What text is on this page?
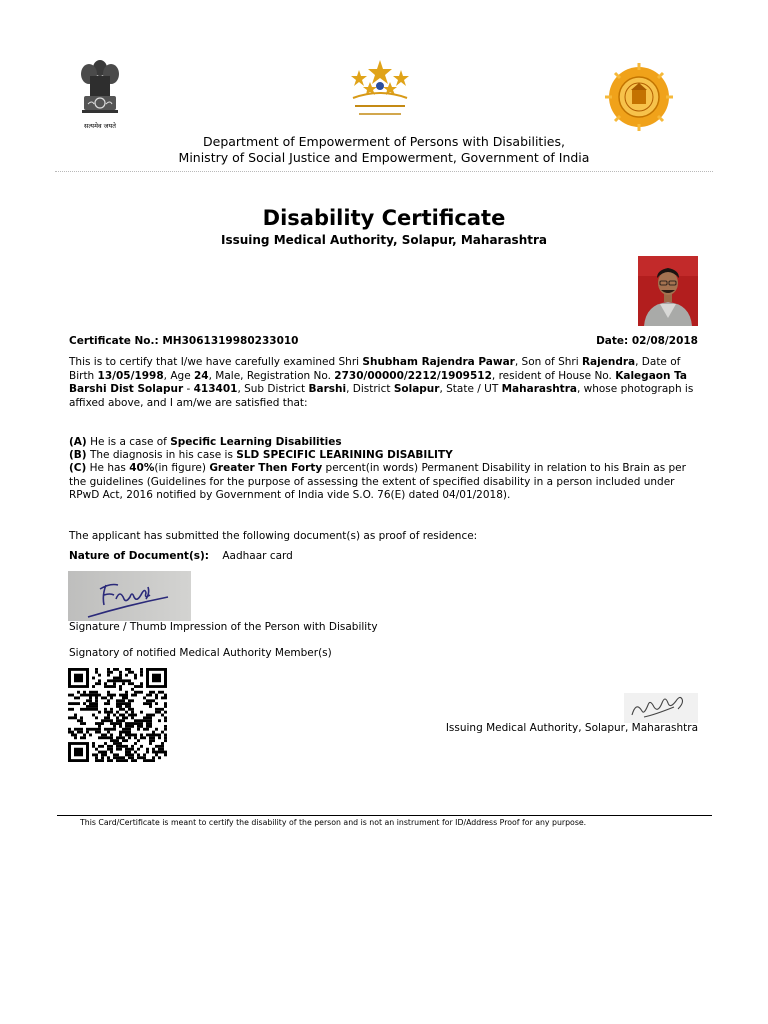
सत्यमेव जयते
Department of Empowerment of Persons with Disabilities,
Ministry of Social Justice and Empowerment, Government of India
Disability Certificate
Issuing Medical Authority, Solapur, Maharashtra
Certificate No.: MH3061319980233010	Date: 02/08/2018
This is to certify that I/we have carefully examined Shri Shubham Rajendra Pawar, Son of Shri Rajendra, Date of Birth 13/05/1998, Age 24, Male, Registration No. 2730/00000/2212/1909512, resident of House No. Kalegaon Ta Barshi Dist Solapur - 413401, Sub District Barshi, District Solapur, State / UT Maharashtra, whose photograph is affixed above, and I am/we are satisfied that:
(A) He is a case of Specific Learning Disabilities
(B) The diagnosis in his case is SLD SPECIFIC LEARINING DISABILITY
(C) He has 40%(in figure) Greater Then Forty percent(in words) Permanent Disability in relation to his Brain as per the guidelines (Guidelines for the purpose of assessing the extent of specified disability in a person included under RPwD Act, 2016 notified by Government of India vide S.O. 76(E) dated 04/01/2018).
The applicant has submitted the following document(s) as proof of residence:
Nature of Document(s): Aadhaar card
Signature / Thumb Impression of the Person with Disability
Signatory of notified Medical Authority Member(s)
Issuing Medical Authority, Solapur, Maharashtra
This Card/Certificate is meant to certify the disability of the person and is not an instrument for ID/Address Proof for any purpose.
